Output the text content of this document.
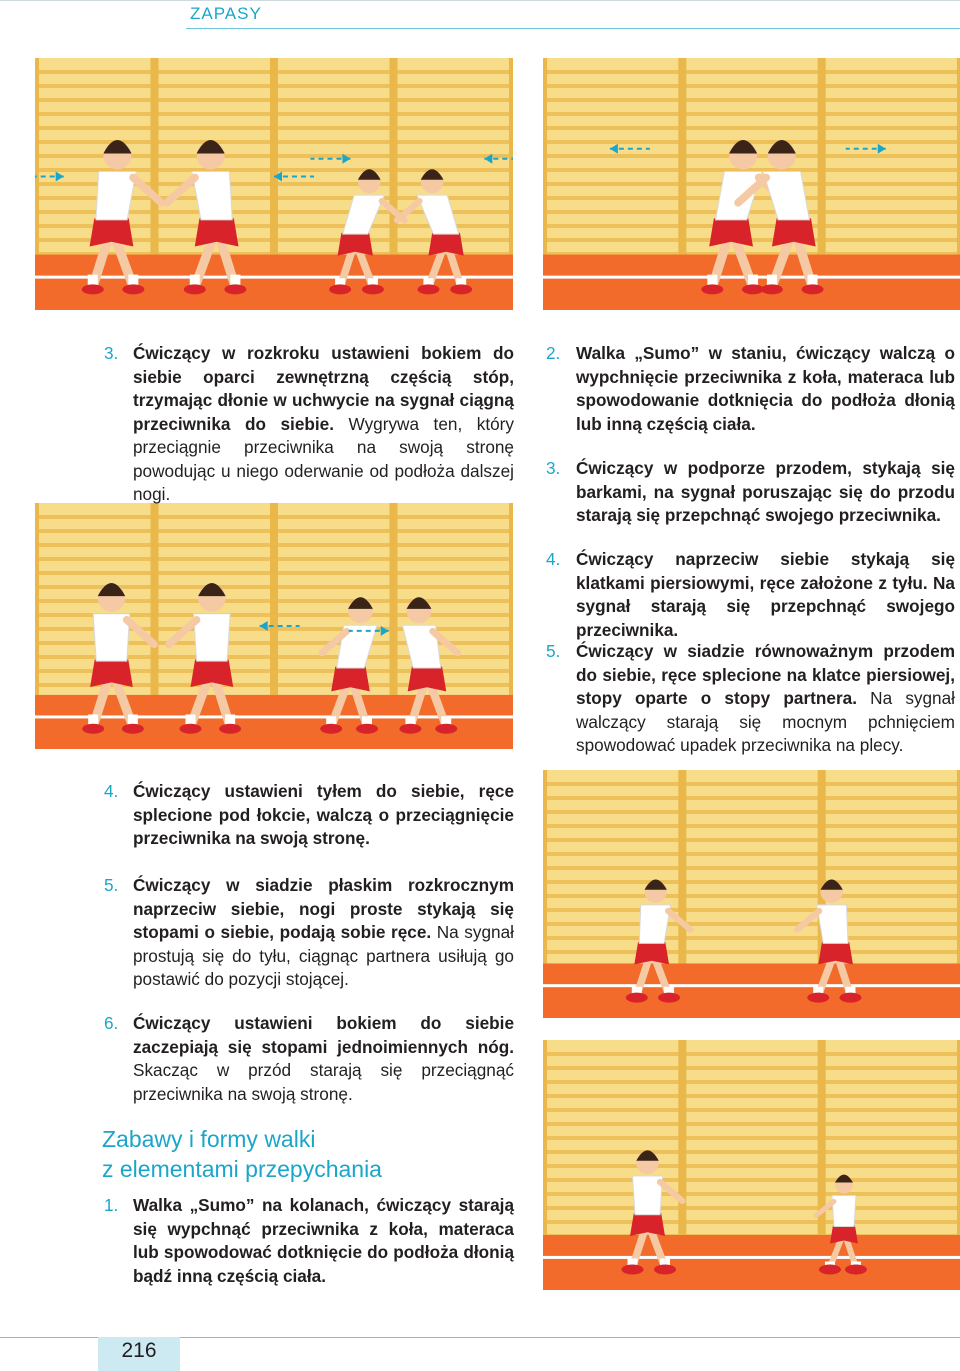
ZAPASY
3. Ćwiczący w rozkroku ustawieni bokiem do siebie oparci zewnętrzną częścią stóp, trzymając dłonie w uchwycie na sygnał ciągną przeciwnika do siebie. Wygrywa ten, który przeciągnie przeciwnika na swoją stronę powodując u niego oderwanie od podłoża dalszej nogi.
4. Ćwiczący ustawieni tyłem do siebie, ręce splecione pod łokcie, walczą o przeciągnięcie przeciwnika na swoją stronę.
5. Ćwiczący w siadzie płaskim rozkrocznym naprzeciw siebie, nogi proste stykają się stopami o siebie, podają sobie ręce. Na sygnał prostują się do tyłu, ciągnąc partnera usiłują go postawić do pozycji stojącej.
6. Ćwiczący ustawieni bokiem do siebie zaczepiają się stopami jednoimiennych nóg. Skacząc w przód starają się przeciągnąć przeciwnika na swoją stronę.
Zabawy i formy walki
z elementami przepychania
1. Walka „Sumo” na kolanach, ćwiczący starają się wypchnąć przeciwnika z koła, materaca lub spowodować dotknięcie do podłoża dłonią bądź inną częścią ciała.
2. Walka „Sumo” w staniu, ćwiczący walczą o wypchnięcie przeciwnika z koła, materaca lub spowodowanie dotknięcia do podłoża dłonią lub inną częścią ciała.
3. Ćwiczący w podporze przodem, stykają się barkami, na sygnał poruszając się do przodu starają się przepchnąć swojego przeciwnika.
4. Ćwiczący naprzeciw siebie stykają się klatkami piersiowymi, ręce założone z tyłu. Na sygnał starają się przepchnąć swojego przeciwnika.
5. Ćwiczący w siadzie równoważnym przodem do siebie, ręce splecione na klatce piersiowej, stopy oparte o stopy partnera. Na sygnał walczący starają się mocnym pchnięciem spowodować upadek przeciwnika na plecy.
216
